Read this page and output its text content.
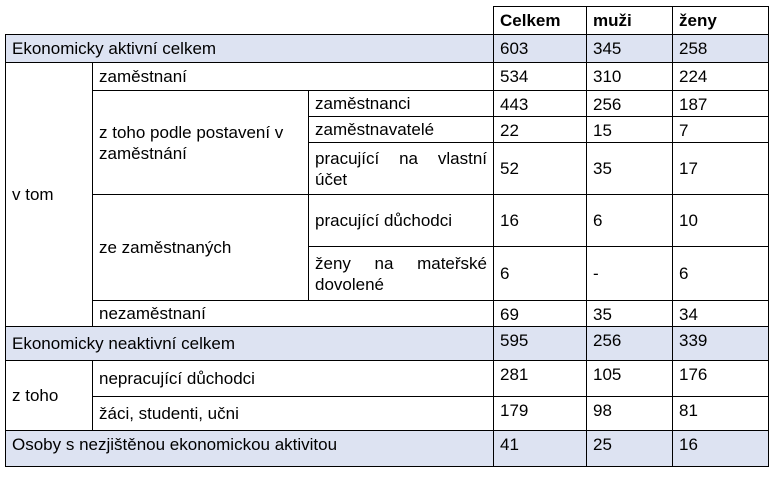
			Celkem	muži	ženy
Ekonomicky aktivní celkem			603	345	258
v tom	zaměstnaní		534	310	224
	z toho podle postavení v zaměstnání	zaměstnanci	443	256	187
		zaměstnavatelé	22	15	7
		pracující na vlastní účet	52	35	17
	ze zaměstnaných	pracující důchodci	16	6	10
		ženy na mateřské dovolené	6	-	6
	nezaměstnaní		69	35	34
Ekonomicky neaktivní celkem			595	256	339
z toho	nepracující důchodci		281	105	176
	žáci, studenti, učni		179	98	81
Osoby s nezjištěnou ekonomickou aktivitou			41	25	16
